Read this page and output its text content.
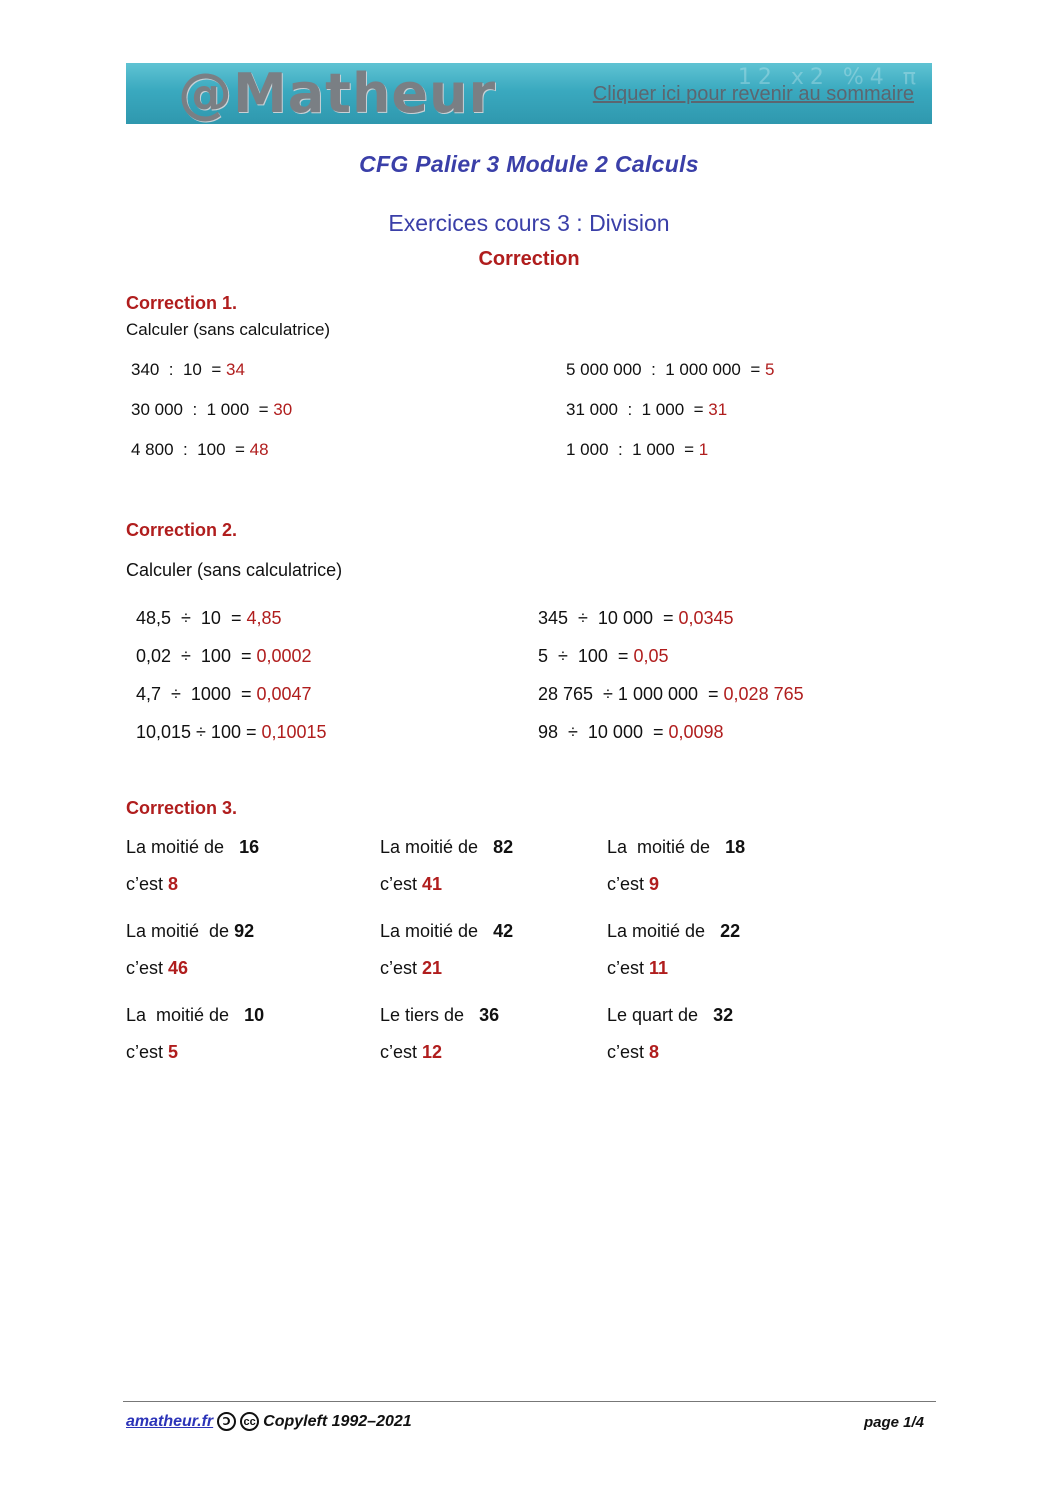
12 x2 %4 π
@Matheur	Cliquer ici pour revenir au sommaire
CFG Palier 3 Module 2 Calculs
Exercices cours 3 : Division
Correction
Correction 1.
Calculer (sans calculatrice)
340  :  10  = 34
30 000  :  1 000  = 30
4 800  :  100  = 48
5 000 000  :  1 000 000  = 5
31 000  :  1 000  = 31
1 000  :  1 000  = 1
Correction 2.
Calculer (sans calculatrice)
48,5  ÷  10  = 4,85
0,02  ÷  100  = 0,0002
4,7  ÷  1000  = 0,0047
10,015 ÷ 100 = 0,10015
345  ÷  10 000  = 0,0345
5  ÷  100  = 0,05
28 765  ÷ 1 000 000  = 0,028 765
98  ÷  10 000  = 0,0098
Correction 3.
La moitié de   16
c’est 8
La moitié de   82
c’est 41
La  moitié de   18
c’est 9
La moitié  de 92
c’est 46
La moitié de   42
c’est 21
La moitié de   22
c’est 11
La  moitié de   10
c’est 5
Le tiers de   36
c’est 12
Le quart de   32
c’est 8
amatheur.fr Ↄ	cc Copyleft 1992–2021	page 1/4
